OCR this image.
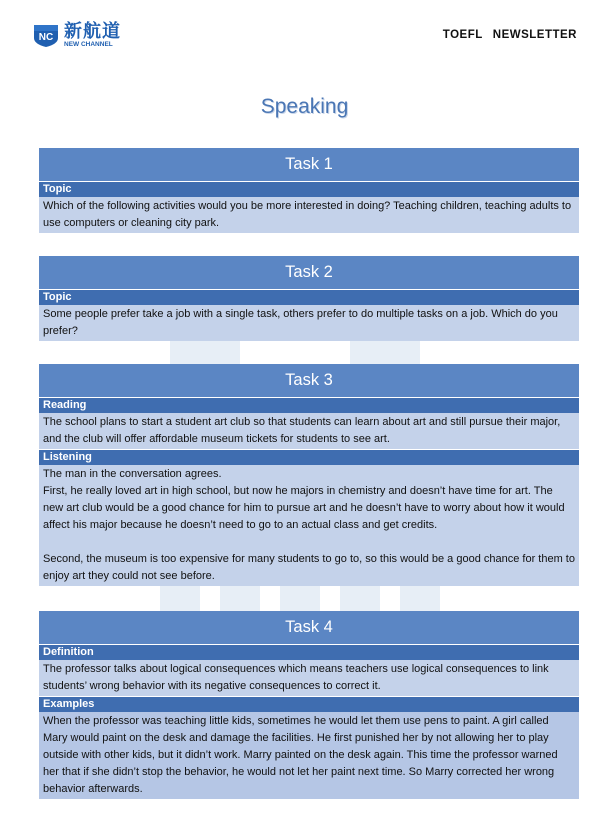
NC 新航道
NEW CHANNEL
TOEFL NEWSLETTER
Speaking
Task 1
Topic

Which of the following activities would you be more interested in doing? Teaching children, teaching adults to use computers or cleaning city park.

Task 2
Topic

Some people prefer take a job with a single task, others prefer to do multiple tasks on a job. Which do you prefer?

Task 3
Reading

The school plans to start a student art club so that students can learn about art and still pursue their major, and the club will offer affordable museum tickets for students to see art.

Listening

The man in the conversation agrees.

First, he really loved art in high school, but now he majors in chemistry and doesn’t have time for art. The new art club would be a good chance for him to pursue art and he doesn’t have to worry about how it would affect his major because he doesn’t need to go to an actual class and get credits.

Second, the museum is too expensive for many students to go to, so this would be a good chance for them to enjoy art they could not see before.

Task 4
Definition

The professor talks about logical consequences which means teachers use logical consequences to link students’ wrong behavior with its negative consequences to correct it.

Examples

When the professor was teaching little kids, sometimes he would let them use pens to paint. A girl called Mary would paint on the desk and damage the facilities. He first punished her by not allowing her to play outside with other kids, but it didn’t work. Marry painted on the desk again. This time the professor warned her that if she didn’t stop the behavior, he would not let her paint next time. So Marry corrected her wrong behavior afterwards.
